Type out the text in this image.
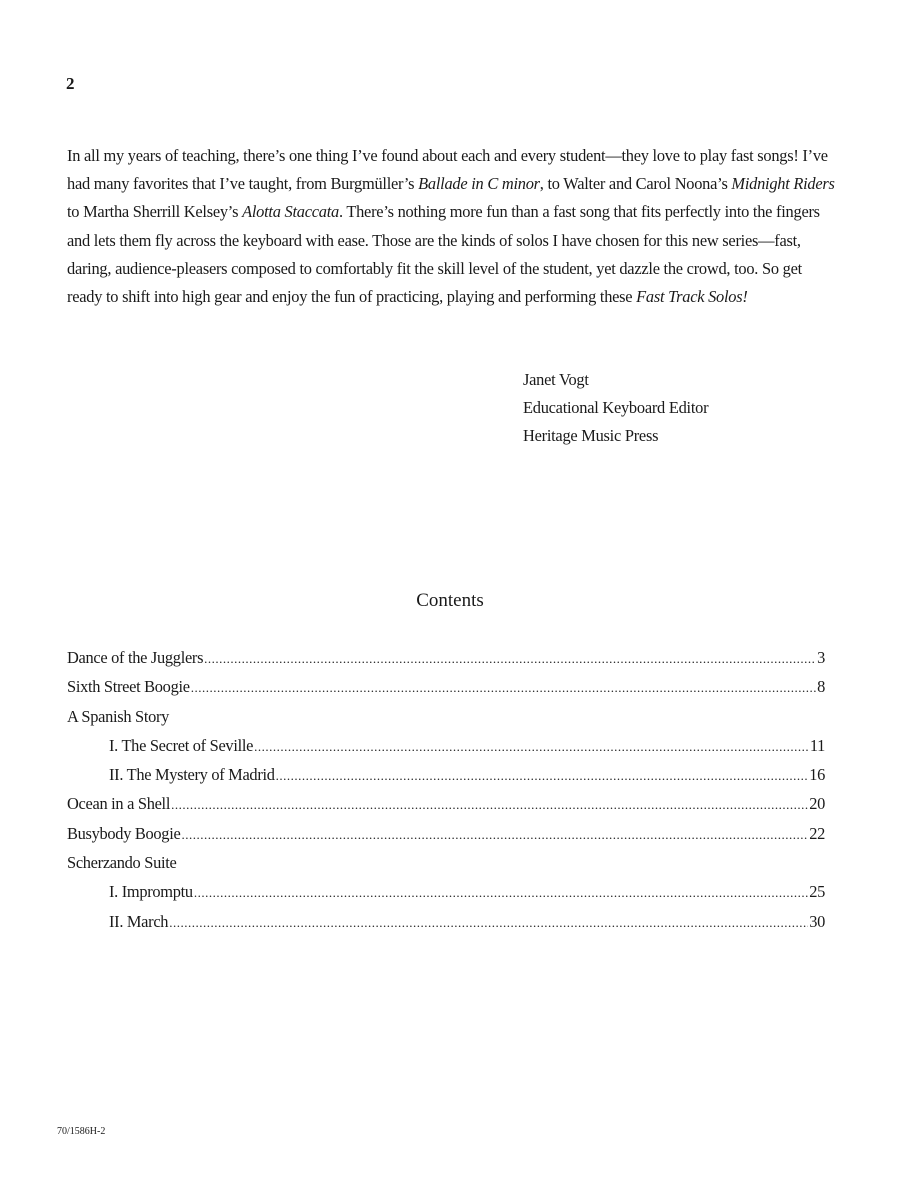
2

In all my years of teaching, there’s one thing I’ve found about each and every student—they love to play fast songs! I’ve had many favorites that I’ve taught, from Burgmüller’s Ballade in C minor, to Walter and Carol Noona’s Midnight Riders to Martha Sherrill Kelsey’s Alotta Staccata. There’s nothing more fun than a fast song that fits perfectly into the fingers and lets them fly across the keyboard with ease. Those are the kinds of solos I have chosen for this new series—fast, daring, audience-pleasers composed to comfortably fit the skill level of the student, yet dazzle the crowd, too. So get ready to shift into high gear and enjoy the fun of practicing, playing and performing these Fast Track Solos!

Janet Vogt
Educational Keyboard Editor
Heritage Music Press
Contents
Dance of the Jugglers .....	3
Sixth Street Boogie .....	8
A Spanish Story
I. The Secret of Seville .....	11
II. The Mystery of Madrid .....	16
Ocean in a Shell .....	20
Busybody Boogie .....	22
Scherzando Suite
I. Impromptu .....	25
II. March .....	30
70/1586H-2
